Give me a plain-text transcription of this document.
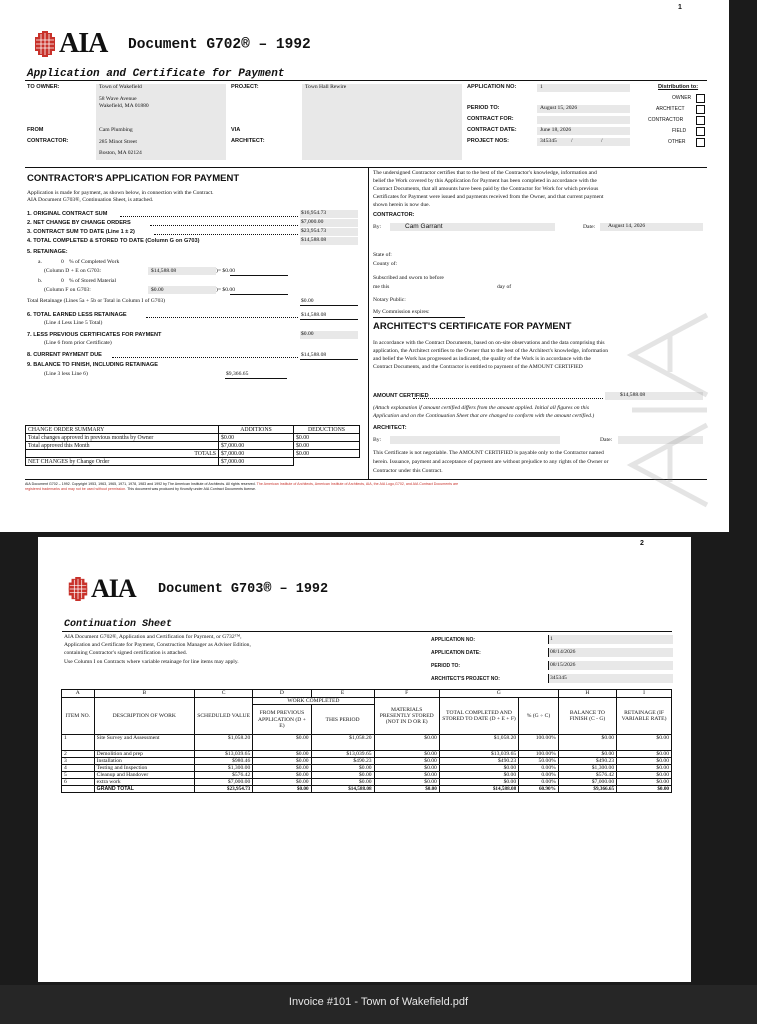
1
AIA Document G702® – 1992
Application and Certificate for Payment
TO OWNER:	Town of Wakefield
58 Wave Avenue
Wakefield, MA 01880
PROJECT:	Town Hall Rewire	APPLICATION NO:	1	Distribution to:
OWNER
ARCHITECT
CONTRACTOR
FIELD
OTHER
PERIOD TO:	August 15, 2026
CONTRACT FOR:
CONTRACT DATE:	June 18, 2026
PROJECT NOS:	345345	/	/
FROM
CONTRACTOR:
Cam Plumbing
285 Minot Street
Boston, MA 02124
VIA
ARCHITECT:
CONTRACTOR'S APPLICATION FOR PAYMENT
Application is made for payment, as shown below, in connection with the Contract.
AIA Document G703®, Continuation Sheet, is attached.
1. ORIGINAL CONTRACT SUM	$16,954.73
2. NET CHANGE BY CHANGE ORDERS	$7,000.00
3. CONTRACT SUM TO DATE (Line 1 ± 2)	$23,954.73
4. TOTAL COMPLETED & STORED TO DATE (Column G on G703)	$14,588.08
5. RETAINAGE:
a.	0 % of Completed Work
(Column D + E on G703:	$14,588.08	)= $0.00
b.	0 % of Stored Material
(Column F on G703:	$0.00	)= $0.00
Total Retainage (Lines 5a + 5b or Total in Column I of G703)	$0.00
6. TOTAL EARNED LESS RETAINAGE
(Line 4 Less Line 5 Total)
$14,588.08
7. LESS PREVIOUS CERTIFICATES FOR PAYMENT
(Line 6 from prior Certificate)
$0.00
8. CURRENT PAYMENT DUE	$14,588.08
9. BALANCE TO FINISH, INCLUDING RETAINAGE
(Line 3 less Line 6)	$9,366.65
CHANGE ORDER SUMMARY	ADDITIONS	DEDUCTIONS
Total changes approved in previous months by Owner	$0.00	$0.00
Total approved this Month	$7,000.00	$0.00
TOTALS	$7,000.00	$0.00
NET CHANGES by Change Order	$7,000.00	
The undersigned Contractor certifies that to the best of the Contractor's knowledge, information and
belief the Work covered by this Application for Payment has been completed in accordance with the
Contract Documents, that all amounts have been paid by the Contractor for Work for which previous
Certificates for Payment were issued and payments received from the Owner, and that current payment
shown herein is now due.
CONTRACTOR:
By:	Cam Garrant	Date: August 14, 2026
State of:
County of:
Subscribed and sworn to before
me this	day of
Notary Public:
My Commission expires:
ARCHITECT'S CERTIFICATE FOR PAYMENT
In accordance with the Contract Documents, based on on-site observations and the data comprising this
application, the Architect certifies to the Owner that to the best of the Architect's knowledge, information
and belief the Work has progressed as indicated, the quality of the Work is in accordance with the
Contract Documents, and the Contractor is entitled to payment of the AMOUNT CERTIFIED
AMOUNT CERTIFIED	$14,588.08
(Attach explanation if amount certified differs from the amount applied. Initial all figures on this
Application and on the Continuation Sheet that are changed to conform with the amount certified.)
ARCHITECT:
By:	Date:
This Certificate is not negotiable. The AMOUNT CERTIFIED is payable only to the Contractor named
herein. Issuance, payment and acceptance of payment are without prejudice to any rights of the Owner or
Contractor under this Contract.
AIA Document G702 – 1992. Copyright 1953, 1963, 1965, 1971, 1978, 1983 and 1992 by The American Institute of Architects. All rights reserved. The American Institute of Architects, American Institute of Architects, AIA, the AIA Logo,G702, and AIA Contract Documents are
registered trademarks and may not be used without permission. This document was produced by Knowify under AIA Contract Documents license.
2
AIA Document G703® – 1992
Continuation Sheet
AIA Document G702®, Application and Certification for Payment, or G732™,
Application and Certificate for Payment, Construction Manager as Adviser Edition,
containing Contractor's signed certification is attached.
Use Column I on Contracts where variable retainage for line items may apply.
APPLICATION NO:	1
APPLICATION DATE:	08/14/2026
PERIOD TO:	08/15/2026
ARCHITECT'S PROJECT NO:	345345
A	B	C	D	E	F	G		H	I
ITEM NO.	DESCRIPTION OF WORK	SCHEDULED VALUE	WORK COMPLETED		MATERIALS PRESENTLY STORED (NOT IN D OR E)	TOTAL COMPLETED AND STORED TO DATE (D + E + F)	% (G ÷ C)	BALANCE TO FINISH (C - G)	RETAINAGE (IF VARIABLE RATE)
			FROM PREVIOUS APPLICATION (D + E)	THIS PERIOD					
1	Site Survey and Assessment	$1,058.20	$0.00	$1,058.20	$0.00	$1,058.20	100.00%	$0.00	$0.00
2	Demolition and prep	$13,039.65	$0.00	$13,039.65	$0.00	$13,039.65	100.00%	$0.00	$0.00
3	Installation	$980.46	$0.00	$490.23	$0.00	$490.23	50.00%	$490.23	$0.00
4	Testing and Inspection	$1,300.00	$0.00	$0.00	$0.00	$0.00	0.00%	$1,300.00	$0.00
5	Cleanup and Handover	$576.42	$0.00	$0.00	$0.00	$0.00	0.00%	$576.42	$0.00
6	extra work	$7,000.00	$0.00	$0.00	$0.00	$0.00	0.00%	$7,000.00	$0.00
	GRAND TOTAL	$23,954.73	$0.00	$14,588.08	$0.00	$14,588.08	60.90%	$9,366.65	$0.00
Invoice #101 - Town of Wakefield.pdf
